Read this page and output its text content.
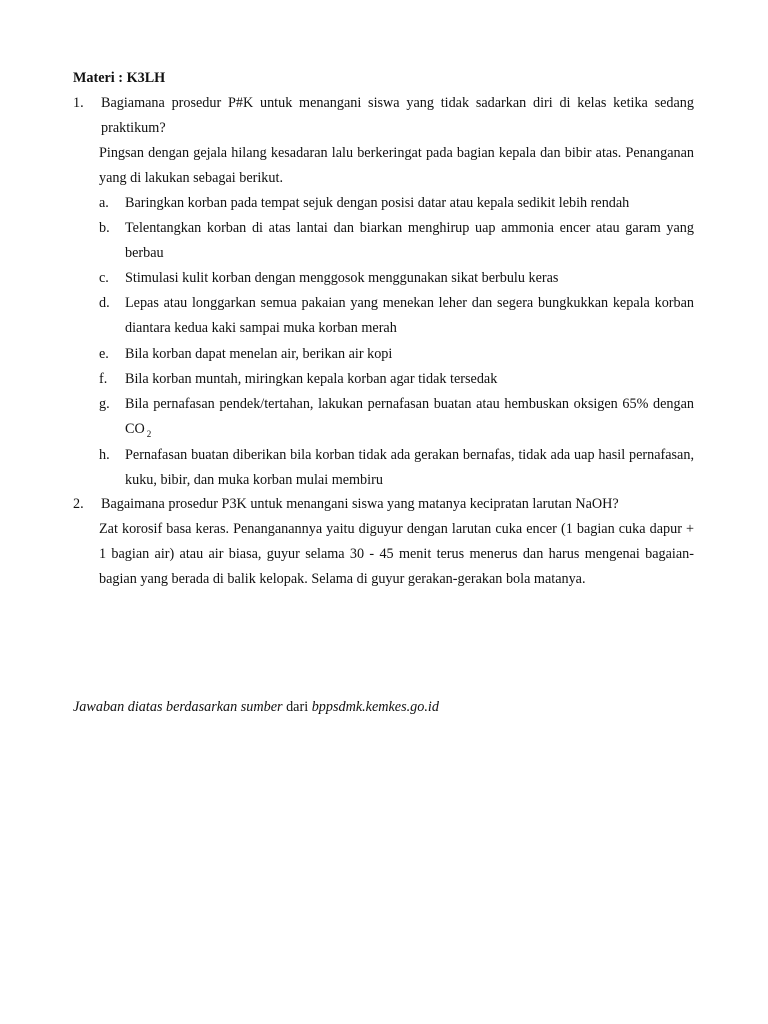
Materi : K3LH
1. Bagiamana prosedur P#K untuk menangani siswa yang tidak sadarkan diri di kelas ketika sedang praktikum?
Pingsan dengan gejala hilang kesadaran lalu berkeringat pada bagian kepala dan bibir atas. Penanganan yang di lakukan sebagai berikut.
a. Baringkan korban pada tempat sejuk dengan posisi datar atau kepala sedikit lebih rendah
b. Telentangkan korban di atas lantai dan biarkan menghirup uap ammonia encer atau garam yang berbau
c. Stimulasi kulit korban dengan menggosok menggunakan sikat berbulu keras
d. Lepas atau longgarkan semua pakaian yang menekan leher dan segera bungkukkan kepala korban diantara kedua kaki sampai muka korban merah
e. Bila korban dapat menelan air, berikan air kopi
f. Bila korban muntah, miringkan kepala korban agar tidak tersedak
g. Bila pernafasan pendek/tertahan, lakukan pernafasan buatan atau hembuskan oksigen 65% dengan CO $_2$
h. Pernafasan buatan diberikan bila korban tidak ada gerakan bernafas, tidak ada uap hasil pernafasan, kuku, bibir, dan muka korban mulai membiru
2. Bagaimana prosedur P3K untuk menangani siswa yang matanya kecipratan larutan NaOH?
Zat korosif basa keras. Penanganannya yaitu diguyur dengan larutan cuka encer (1 bagian cuka dapur + 1 bagian air) atau air biasa, guyur selama 30 - 45 menit terus menerus dan harus mengenai bagaian-bagian yang berada di balik kelopak. Selama di guyur gerakan-gerakan bola matanya.
Jawaban diatas berdasarkan sumber dari bppsdmk.kemkes.go.id
